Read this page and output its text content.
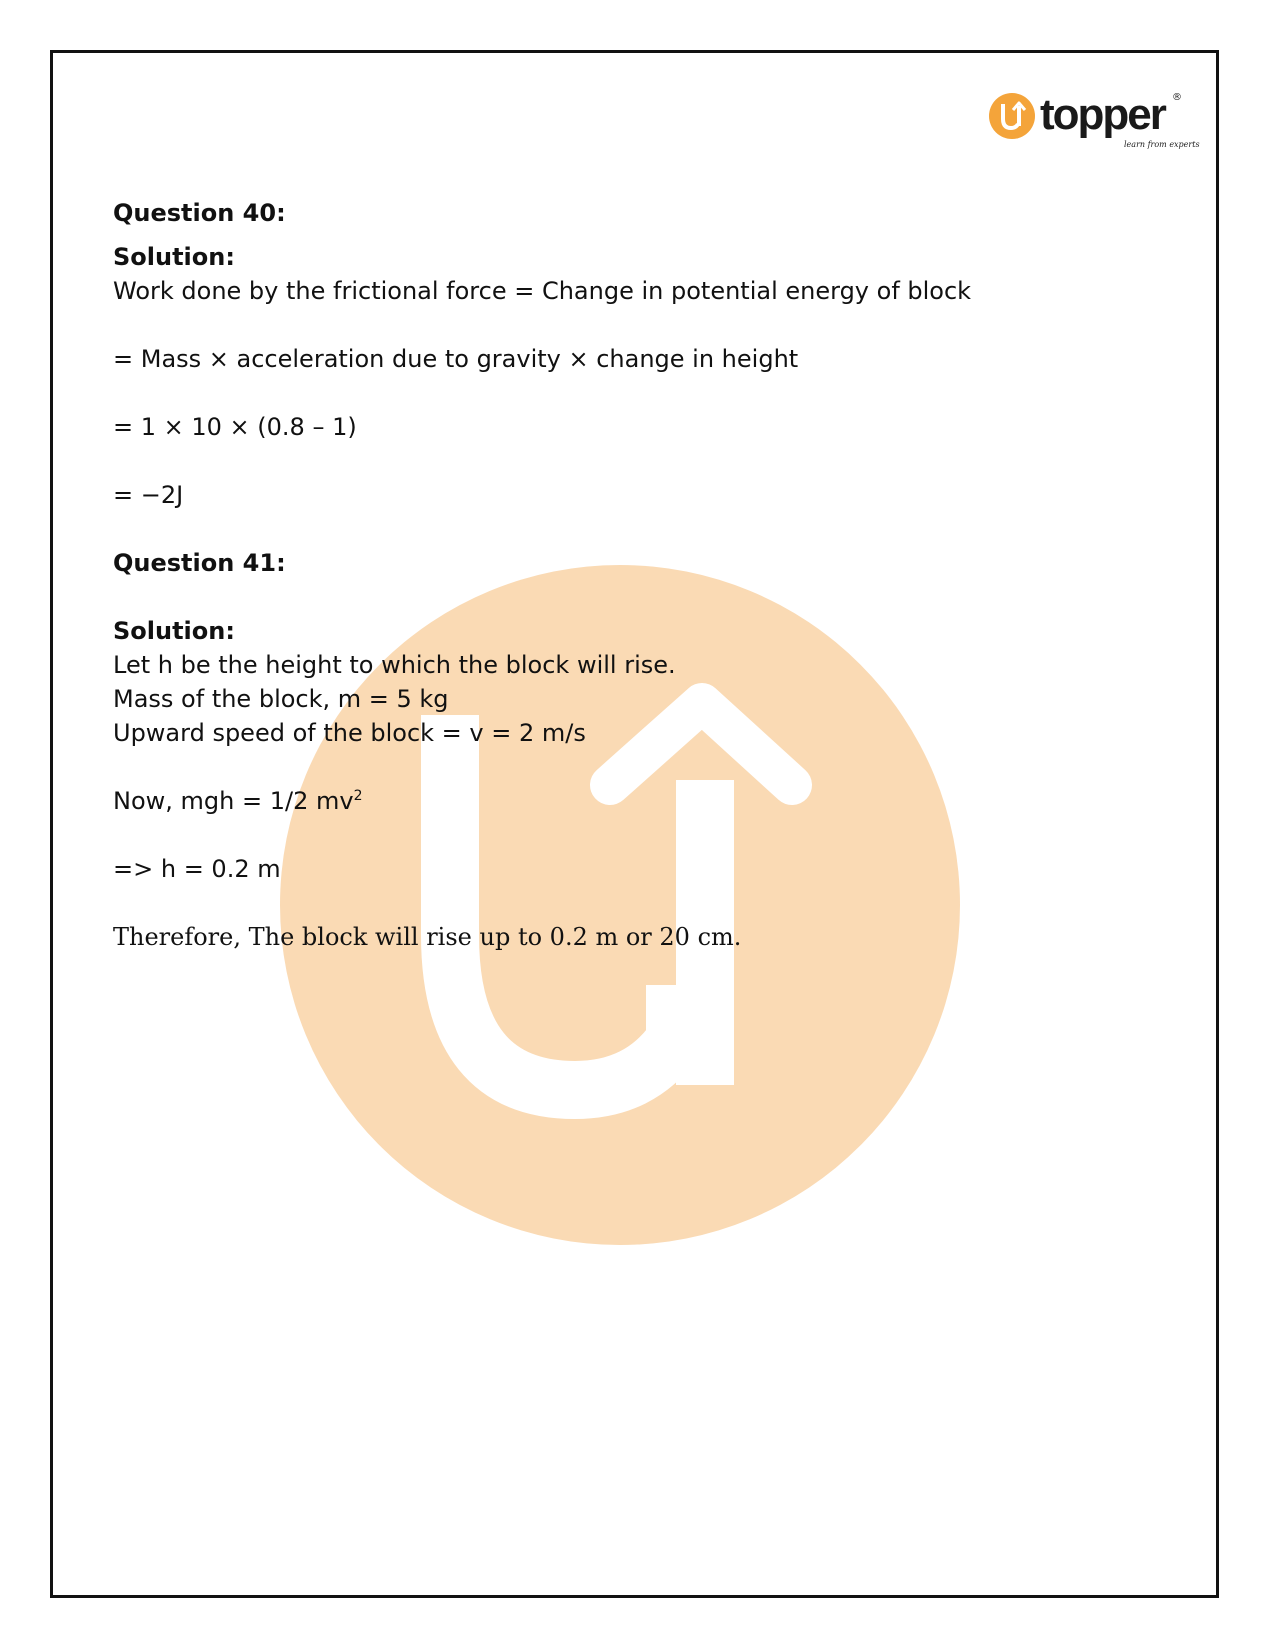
topper ®
learn from experts
Question 40:
Solution:
Work done by the frictional force = Change in potential energy of block
= Mass × acceleration due to gravity × change in height
= 1 × 10 × (0.8 – 1)
= −2J
Question 41:
Solution:
Let h be the height to which the block will rise.
Mass of the block, m = 5 kg
Upward speed of the block = v = 2 m/s
Now, mgh = 1/2 $mv^2$
=> h = 0.2 m
Therefore, The block will rise up to 0.2 m or 20 cm.
